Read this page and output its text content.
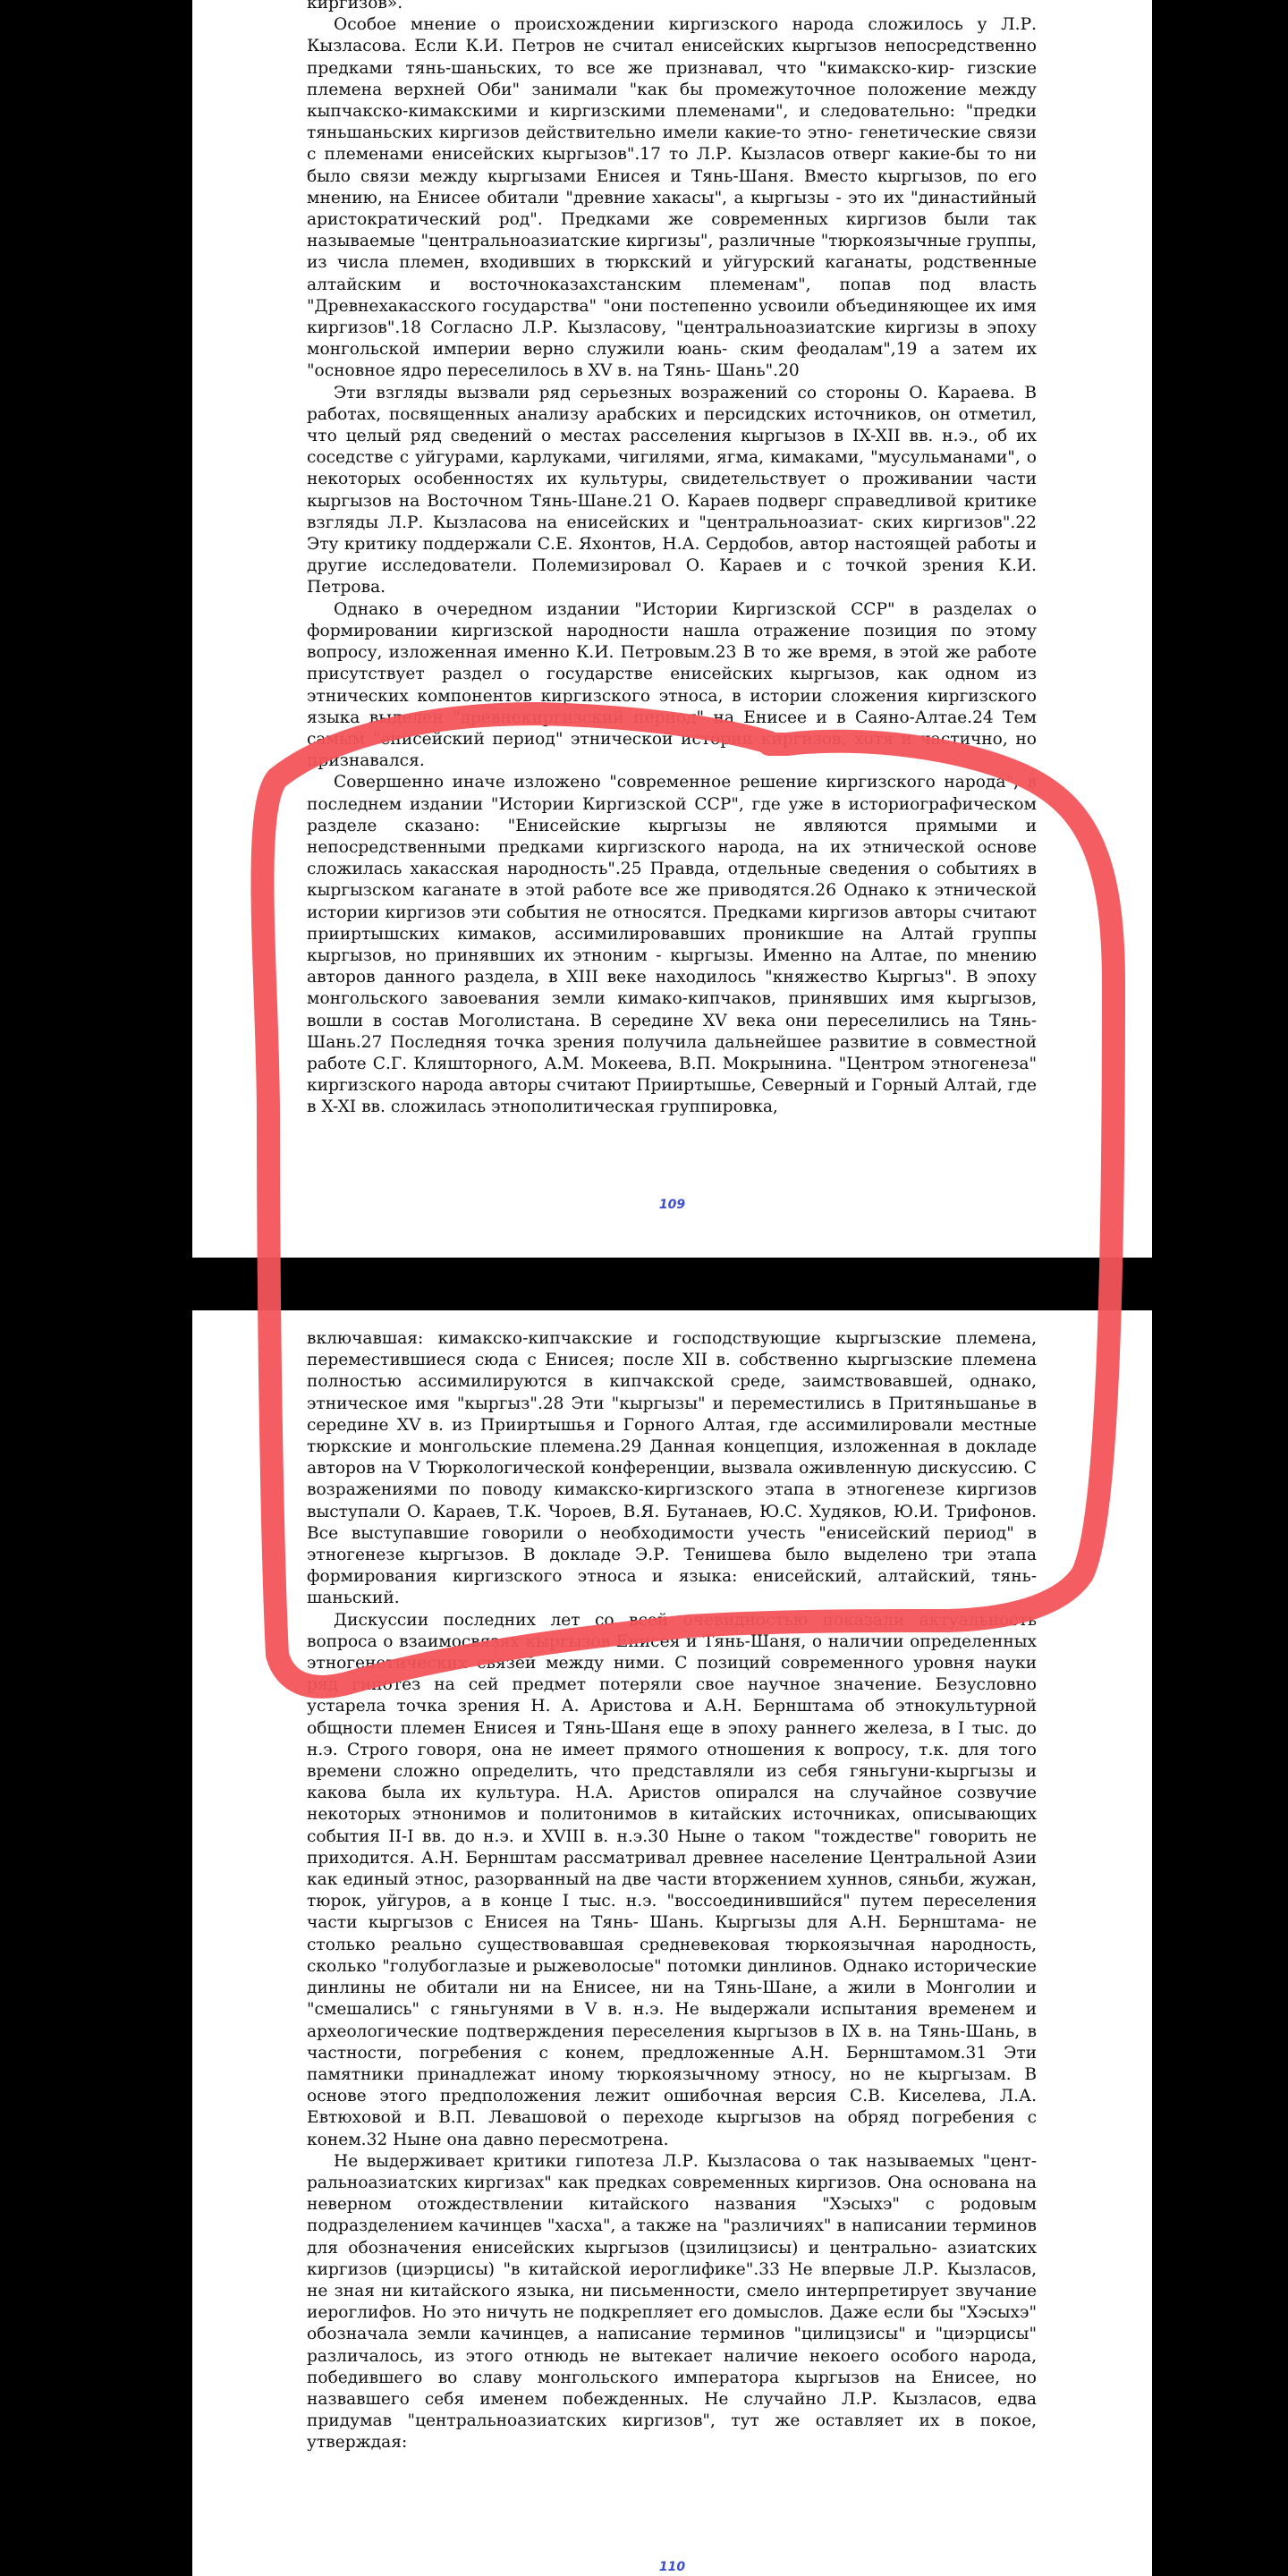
киргизов».

Особое мнение о происхождении киргизского народа сложилось у Л.Р. Кызласова. Если К.И. Петров не считал енисейских кыргызов непосредственно предками тянь-шаньских, то все же признавал, что "кимакско-кир- гизские племена верхней Оби" занимали "как бы промежуточное положение между кыпчакско-кимакскими и киргизскими племенами", и следовательно: "предки тяньшаньских киргизов действительно имели какие-то этно- генетические связи с племенами енисейских кыргызов".17 то Л.Р. Кызласов отверг какие-бы то ни было связи между кыргызами Енисея и Тянь-Шаня. Вместо кыргызов, по его мнению, на Енисее обитали "древние хакасы", а кыргызы - это их "династийный аристократический род". Предками же современных киргизов были так называемые "центральноазиатские киргизы", различные "тюркоязычные группы, из числа племен, входивших в тюркский и уйгурский каганаты, родственные алтайским и восточноказахстанским племенам", попав под власть "Древнехакасского государства" "они постепенно усвоили объединяющее их имя киргизов".18 Согласно Л.Р. Кызласову, "центральноазиатские киргизы в эпоху монгольской империи верно служили юань- ским феодалам",19 а затем их "основное ядро переселилось в XV в. на Тянь- Шань".20

Эти взгляды вызвали ряд серьезных возражений со стороны О. Караева. В работах, посвященных анализу арабских и персидских источников, он отметил, что целый ряд сведений о местах расселения кыргызов в IX-XII вв. н.э., об их соседстве с уйгурами, карлуками, чигилями, ягма, кимаками, "мусульманами", о некоторых особенностях их культуры, свидетельствует о проживании части кыргызов на Восточном Тянь-Шане.21 О. Караев подверг справедливой критике взгляды Л.Р. Кызласова на енисейских и "центральноазиат- ских киргизов".22 Эту критику поддержали С.Е. Яхонтов, Н.А. Сердобов, автор настоящей работы и другие исследователи. Полемизировал О. Караев и с точкой зрения К.И. Петрова.

Однако в очередном издании "Истории Киргизской ССР" в разделах о формировании киргизской народности нашла отражение позиция по этому вопросу, изложенная именно К.И. Петровым.23 В то же время, в этой же работе присутствует раздел о государстве енисейских кыргызов, как одном из этнических компонентов киргизского этноса, в истории сложения киргизского языка выделен "древнекиргизский период" на Енисее и в Саяно-Алтае.24 Тем самым "енисейский период" этнической истории киргизов, хотя и частично, но признавался.

Совершенно иначе изложено "современное решение киргизского народа", в последнем издании "Истории Киргизской ССР", где уже в историографическом разделе сказано: "Енисейские кыргызы не являются прямыми и непосредственными предками киргизского народа, на их этнической основе сложилась хакасская народность".25 Правда, отдельные сведения о событиях в кыргызском каганате в этой работе все же приводятся.26 Однако к этнической истории киргизов эти события не относятся. Предками киргизов авторы считают прииртышских кимаков, ассимилировавших проникшие на Алтай группы кыргызов, но принявших их этноним - кыргызы. Именно на Алтае, по мнению авторов данного раздела, в XIII веке находилось "княжество Кыргыз". В эпоху монгольского завоевания земли кимако-кипчаков, принявших имя кыргызов, вошли в состав Моголистана. В середине XV века они переселились на Тянь-Шань.27 Последняя точка зрения получила дальнейшее развитие в совместной работе С.Г. Кляшторного, А.М. Мокеева, В.П. Мокрынина. "Центром этногенеза" киргизского народа авторы считают Прииртышье, Северный и Горный Алтай, где в X-XI вв. сложилась этнополитическая группировка,

109

включавшая: кимакско-кипчакские и господствующие кыргызские племена, переместившиеся сюда с Енисея; после XII в. собственно кыргызские племена полностью ассимилируются в кипчакской среде, заимствовавшей, однако, этническое имя "кыргыз".28 Эти "кыргызы" и переместились в Притяньшанье в середине XV в. из Прииртышья и Горного Алтая, где ассимилировали местные тюркские и монгольские племена.29 Данная концепция, изложенная в докладе авторов на V Тюркологической конференции, вызвала оживленную дискуссию. С возражениями по поводу кимакско-киргизского этапа в этногенезе киргизов выступали О. Караев, Т.К. Чороев, В.Я. Бутанаев, Ю.С. Худяков, Ю.И. Трифонов. Все выступавшие говорили о необходимости учесть "енисейский период" в этногенезе кыргызов. В докладе Э.Р. Тенишева было выделено три этапа формирования киргизского этноса и языка: енисейский, алтайский, тянь-шаньский.

Дискуссии последних лет со всей очевидностью показали актуальность вопроса о взаимосвязях кыргызов Енисея и Тянь-Шаня, о наличии определенных этногенетических связей между ними. С позиций современного уровня науки ряд гипотез на сей предмет потеряли свое научное значение. Безусловно устарела точка зрения Н. А. Аристова и А.Н. Бернштама об этнокультурной общности племен Енисея и Тянь-Шаня еще в эпоху раннего железа, в I тыс. до н.э. Строго говоря, она не имеет прямого отношения к вопросу, т.к. для того времени сложно определить, что представляли из себя гяньгуни-кыргызы и какова была их культура. Н.А. Аристов опирался на случайное созвучие некоторых этнонимов и политонимов в китайских источниках, описывающих события II-I вв. до н.э. и XVIII в. н.э.30 Ныне о таком "тождестве" говорить не приходится. А.Н. Бернштам рассматривал древнее население Центральной Азии как единый этнос, разорванный на две части вторжением хуннов, сяньби, жужан, тюрок, уйгуров, а в конце I тыс. н.э. "воссоединившийся" путем переселения части кыргызов с Енисея на Тянь- Шань. Кыргызы для А.Н. Бернштама- не столько реально существовавшая средневековая тюркоязычная народность, сколько "голубоглазые и рыжеволосые" потомки динлинов. Однако исторические динлины не обитали ни на Енисее, ни на Тянь-Шане, а жили в Монголии и "смешались" с гяньгунями в V в. н.э. Не выдержали испытания временем и археологические подтверждения переселения кыргызов в IX в. на Тянь-Шань, в частности, погребения с конем, предложенные А.Н. Бернштамом.31 Эти памятники принадлежат иному тюркоязычному этносу, но не кыргызам. В основе этого предположения лежит ошибочная версия С.В. Киселева, Л.А. Евтюховой и В.П. Левашовой о переходе кыргызов на обряд погребения с конем.32 Ныне она давно пересмотрена.

Не выдерживает критики гипотеза Л.Р. Кызласова о так называемых "цент- ральноазиатских киргизах" как предках современных киргизов. Она основана на неверном отождествлении китайского названия "Хэсыхэ" с родовым подразделением качинцев "хасха", а также на "различиях" в написании терминов для обозначения енисейских кыргызов (цзилицзисы) и центрально- азиатских киргизов (циэрцисы) "в китайской иероглифике".33 Не впервые Л.Р. Кызласов, не зная ни китайского языка, ни письменности, смело интерпретирует звучание иероглифов. Но это ничуть не подкрепляет его домыслов. Даже если бы "Хэсыхэ" обозначала земли качинцев, а написание терминов "цилицзисы" и "циэрцисы" различалось, из этого отнюдь не вытекает наличие некоего особого народа, победившего во славу монгольского императора кыргызов на Енисее, но назвавшего себя именем побежденных. Не случайно Л.Р. Кызласов, едва придумав "центральноазиатских киргизов", тут же оставляет их в покое, утверждая:

110
